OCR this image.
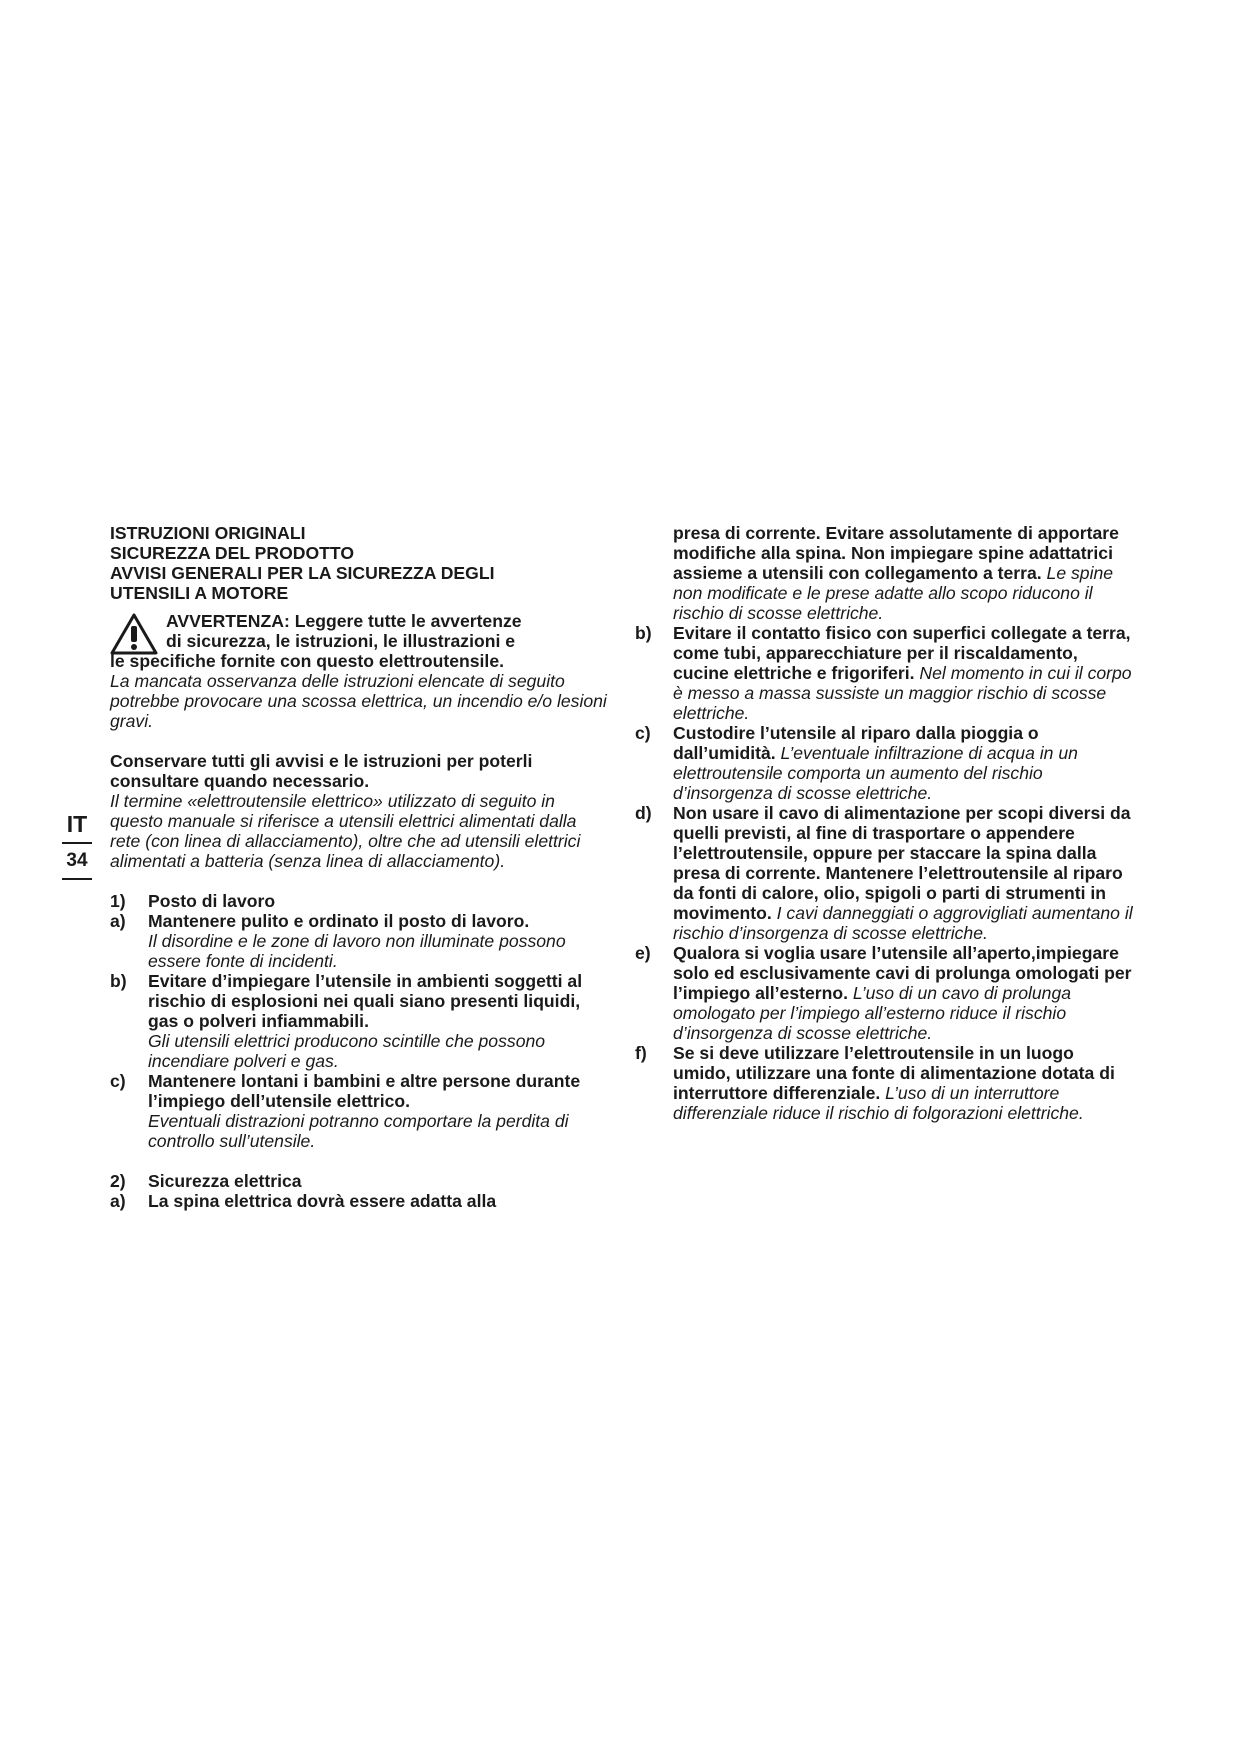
IT
34
ISTRUZIONI ORIGINALI
SICUREZZA DEL PRODOTTO
AVVISI GENERALI PER LA SICUREZZA DEGLI
UTENSILI A MOTORE
AVVERTENZA: Leggere tutte le avvertenze
di sicurezza, le istruzioni, le illustrazioni e
le specifiche fornite con questo elettroutensile.
La mancata osservanza delle istruzioni elencate di seguito potrebbe provocare una scossa elettrica, un incendio e/o lesioni gravi.
Conservare tutti gli avvisi e le istruzioni per poterli consultare quando necessario.
Il termine «elettroutensile elettrico» utilizzato di seguito in questo manuale si riferisce a utensili elettrici alimentati dalla rete (con linea di allacciamento), oltre che ad utensili elettrici alimentati a batteria (senza linea di allacciamento).
1) Posto di lavoro
a) Mantenere pulito e ordinato il posto di lavoro.
Il disordine e le zone di lavoro non illuminate possono essere fonte di incidenti.
b) Evitare d’impiegare l’utensile in ambienti soggetti al rischio di esplosioni nei quali siano presenti liquidi, gas o polveri infiammabili.
Gli utensili elettrici producono scintille che possono incendiare polveri e gas.
c) Mantenere lontani i bambini e altre persone durante l’impiego dell’utensile elettrico.
Eventuali distrazioni potranno comportare la perdita di controllo sull’utensile.
2) Sicurezza elettrica
a) La spina elettrica dovrà essere adatta alla
presa di corrente. Evitare assolutamente di apportare modifiche alla spina. Non impiegare spine adattatrici assieme a utensili con collegamento a terra. Le spine non modificate e le prese adatte allo scopo riducono il rischio di scosse elettriche.
b) Evitare il contatto fisico con superfici collegate a terra, come tubi, apparecchiature per il riscaldamento, cucine elettriche e frigoriferi. Nel momento in cui il corpo è messo a massa sussiste un maggior rischio di scosse elettriche.
c) Custodire l’utensile al riparo dalla pioggia o dall’umidità. L’eventuale infiltrazione di acqua in un elettroutensile comporta un aumento del rischio d’insorgenza di scosse elettriche.
d) Non usare il cavo di alimentazione per scopi diversi da quelli previsti, al fine di trasportare o appendere l’elettroutensile, oppure per staccare la spina dalla presa di corrente. Mantenere l’elettroutensile al riparo da fonti di calore, olio, spigoli o parti di strumenti in movimento. I cavi danneggiati o aggrovigliati aumentano il rischio d’insorgenza di scosse elettriche.
e) Qualora si voglia usare l’utensile all’aperto,impiegare solo ed esclusivamente cavi di prolunga omologati per l’impiego all’esterno. L’uso di un cavo di prolunga omologato per l’impiego all’esterno riduce il rischio d’insorgenza di scosse elettriche.
f) Se si deve utilizzare l’elettroutensile in un luogo umido, utilizzare una fonte di alimentazione dotata di interruttore differenziale. L’uso di un interruttore differenziale riduce il rischio di folgorazioni elettriche.
